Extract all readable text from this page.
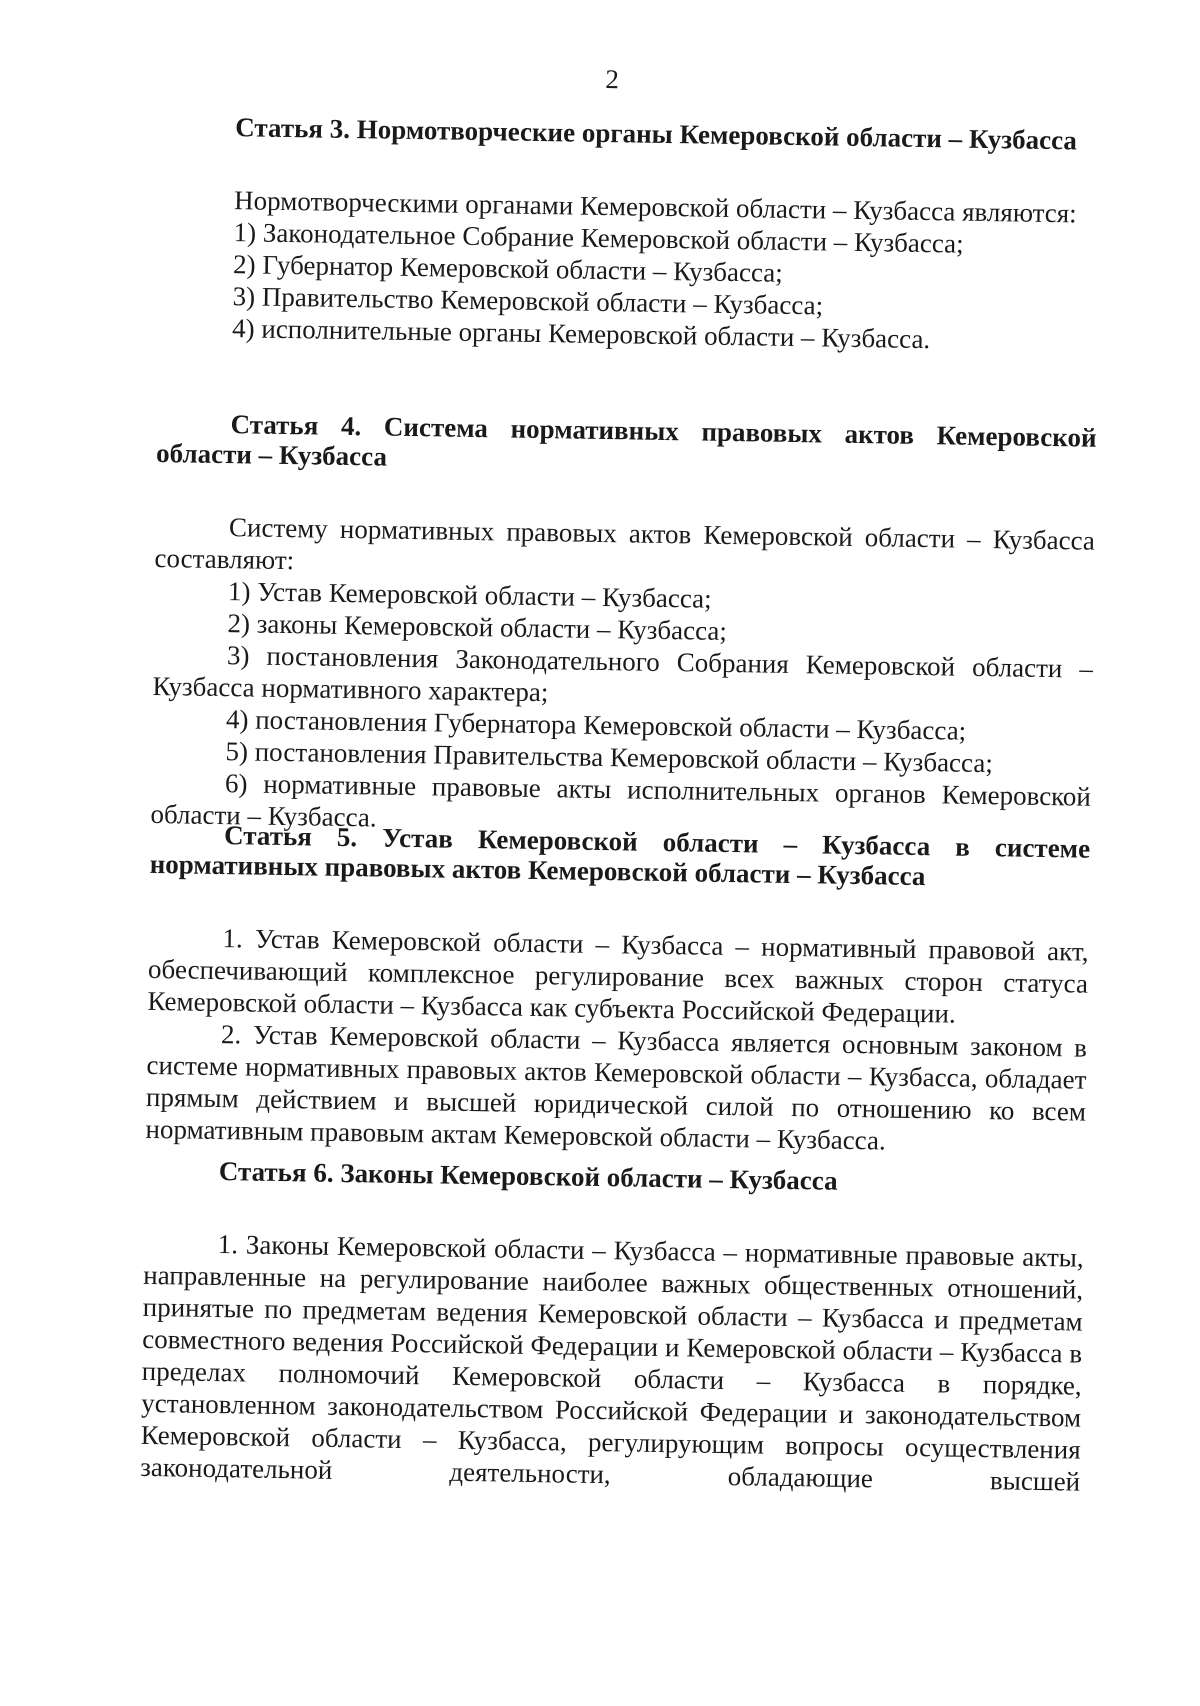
2

Статья 3. Нормотворческие органы Кемеровской области – Кузбасса

Нормотворческими органами Кемеровской области – Кузбасса являются:

1) Законодательное Собрание Кемеровской области – Кузбасса;

2) Губернатор Кемеровской области – Кузбасса;

3) Правительство Кемеровской области – Кузбасса;

4) исполнительные органы Кемеровской области – Кузбасса.

Статья 4. Система нормативных правовых актов Кемеровской области – Кузбасса

Систему нормативных правовых актов Кемеровской области – Кузбасса составляют:

1) Устав Кемеровской области – Кузбасса;

2) законы Кемеровской области – Кузбасса;

3) постановления Законодательного Собрания Кемеровской области – Кузбасса нормативного характера;

4) постановления Губернатора Кемеровской области – Кузбасса;

5) постановления Правительства Кемеровской области – Кузбасса;

6) нормативные правовые акты исполнительных органов Кемеровской области – Кузбасса.

Статья 5. Устав Кемеровской области – Кузбасса в системе нормативных правовых актов Кемеровской области – Кузбасса

1. Устав Кемеровской области – Кузбасса – нормативный правовой акт, обеспечивающий комплексное регулирование всех важных сторон статуса Кемеровской области – Кузбасса как субъекта Российской Федерации.

2. Устав Кемеровской области – Кузбасса является основным законом в системе нормативных правовых актов Кемеровской области – Кузбасса, обладает прямым действием и высшей юридической силой по отношению ко всем нормативным правовым актам Кемеровской области – Кузбасса.

Статья 6. Законы Кемеровской области – Кузбасса

1. Законы Кемеровской области – Кузбасса – нормативные правовые акты, направленные на регулирование наиболее важных общественных отношений, принятые по предметам ведения Кемеровской области – Кузбасса и предметам совместного ведения Российской Федерации и Кемеровской области – Кузбасса в пределах полномочий Кемеровской области – Кузбасса в порядке, установленном законодательством Российской Федерации и законодательством Кемеровской области – Кузбасса, регулирующим вопросы осуществления законодательной деятельности, обладающие высшей
